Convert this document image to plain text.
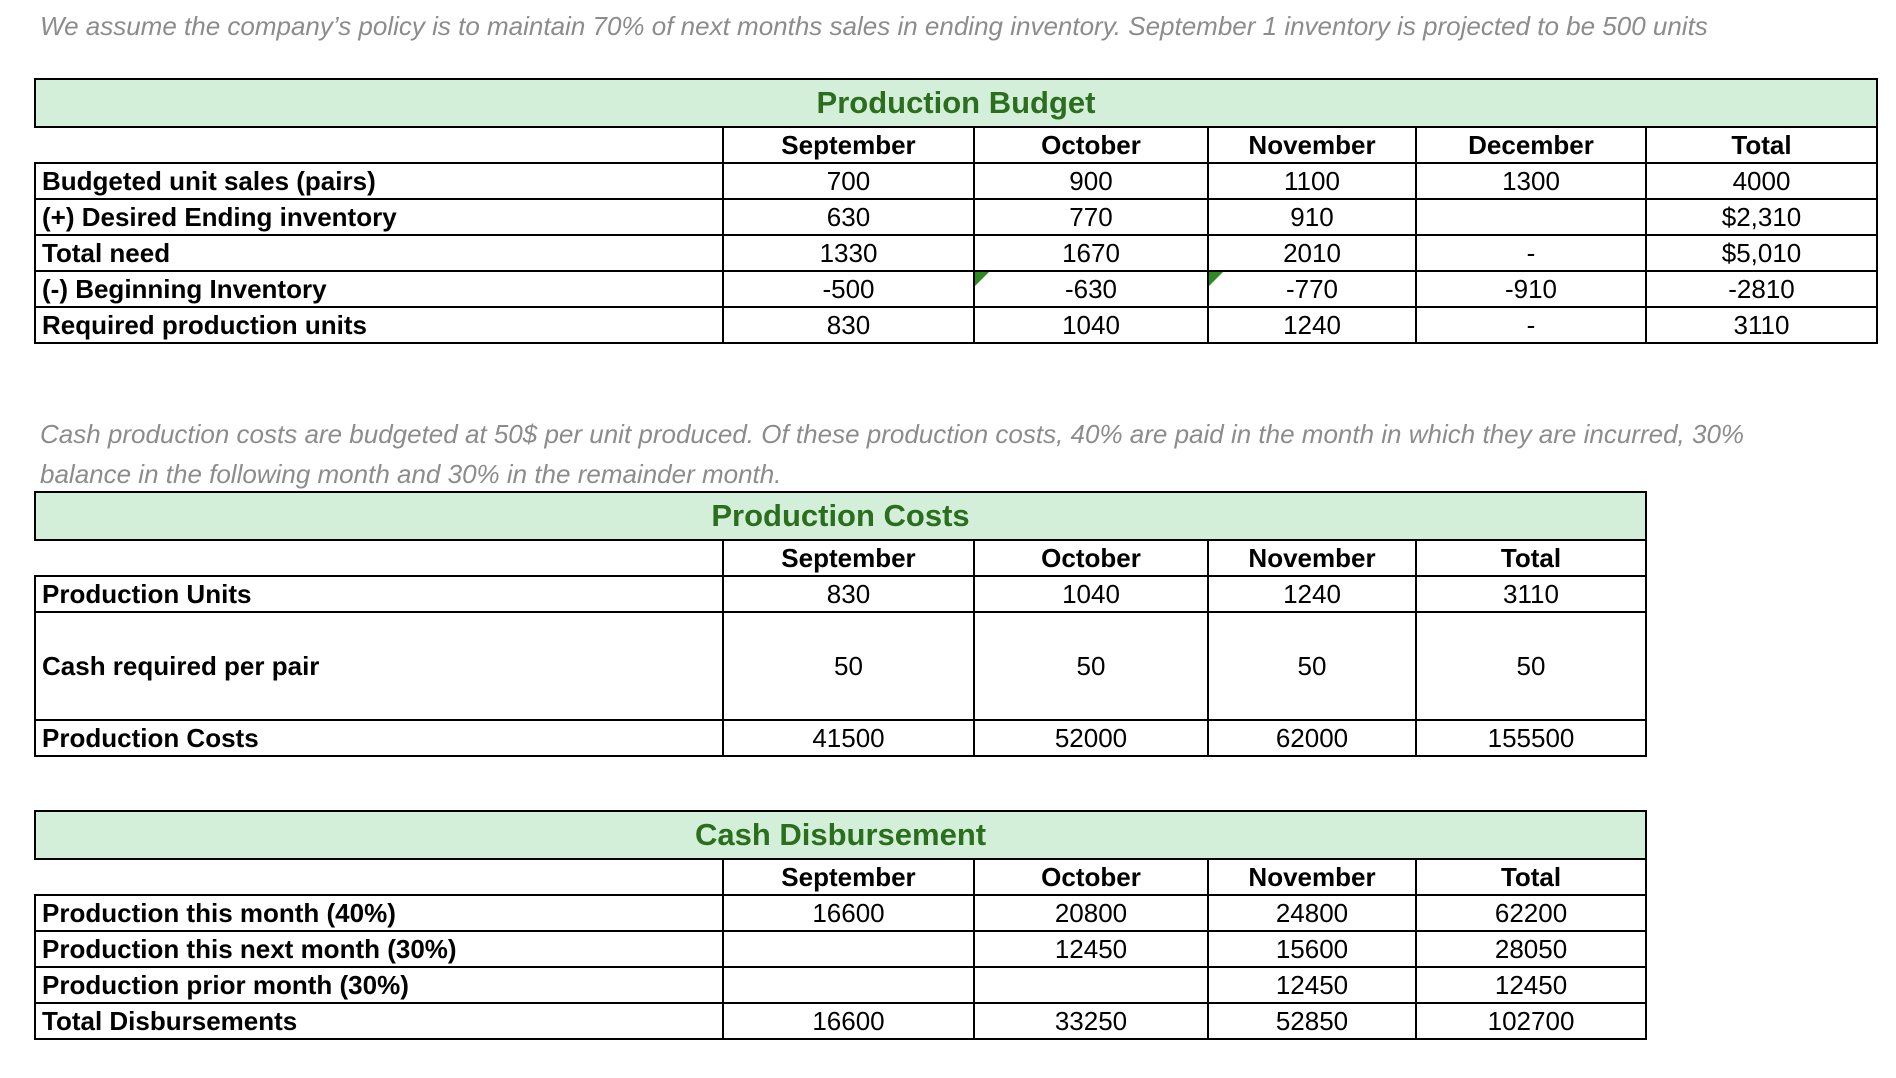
We assume the company’s policy is to maintain 70% of next months sales in ending inventory. September 1 inventory is projected to be 500 units

Production Budget					
	September	October	November	December	Total
Budgeted unit sales (pairs)	700	900	1100	1300	4000
(+) Desired Ending inventory	630	770	910		$2,310
Total need	1330	1670	2010	-	$5,010
(-) Beginning Inventory	-500	-630	-770	-910	-2810
Required production units	830	1040	1240	-	3110

Cash production costs are budgeted at 50$ per unit produced. Of these production costs, 40% are paid in the month in which they are incurred, 30%

balance in the following month and 30% in the remainder month.

Production Costs				
	September	October	November	Total
Production Units	830	1040	1240	3110
Cash required per pair	50	50	50	50
Production Costs	41500	52000	62000	155500
Cash Disbursement				
	September	October	November	Total
Production this month (40%)	16600	20800	24800	62200
Production this next month (30%)		12450	15600	28050
Production prior month (30%)			12450	12450
Total Disbursements	16600	33250	52850	102700
